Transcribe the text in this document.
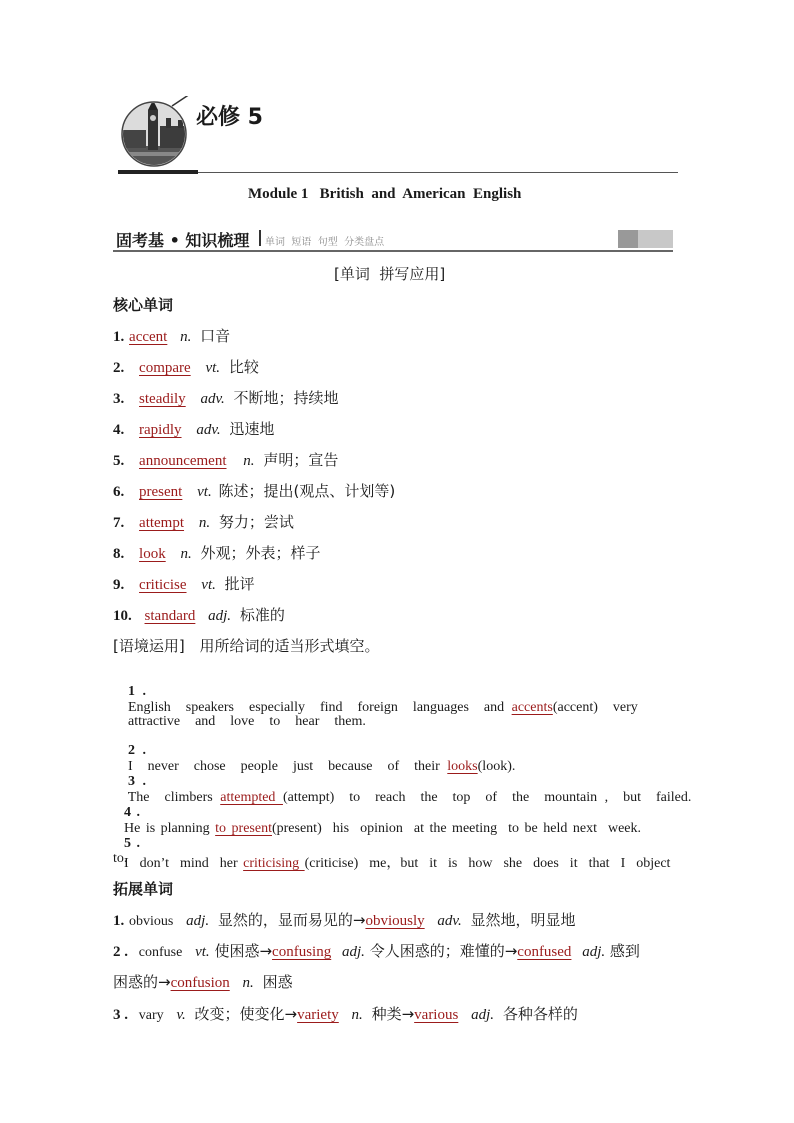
必修 5
Module 1   British  and  American  English
固考基 • 知识梳理 单词  短语  句型  分类盘点
[单词  拼写应用]
核心单词
1. accent n. 口音
2. compare vt. 比较
3. steadily adv. 不断地；持续地
4. rapidly adv. 迅速地
5. announcement n. 声明；宣告
6. present vt. 陈述；提出(观点、计划等)
7. attempt n. 努力；尝试
8. look n. 外观；外表；样子
9. criticise vt. 批评
10. standard adj. 标准的
[语境运用] 用所给词的适当形式填空。

1 .
English  speakers  especially  find  foreign  languages  and accents(accent)  very

attractive  and  love  to  hear  them.

2 .
I  never  chose  people  just  because  of  their looks(look).

3 .
The  climbers attempted (attempt)  to  reach  the  top  of  the  mountain ,  but  failed.

4 .
He is planning to present(present)  his  opinion  at the meeting  to be held next  week.

5 .
I  don’t  mind  her criticising (criticise)  me，but  it  is  how  she  does  it  that  I  object

to.
拓展单词
1. obvious adj. 显然的，显而易见的→obviously adv. 显然地，明显地
2 . confuse vt. 使困惑→confusing adj. 令人困惑的；难懂的→confused adj. 感到
困惑的→confusion n. 困惑
3 . vary v. 改变；使变化→variety n. 种类→various adj. 各种各样的
